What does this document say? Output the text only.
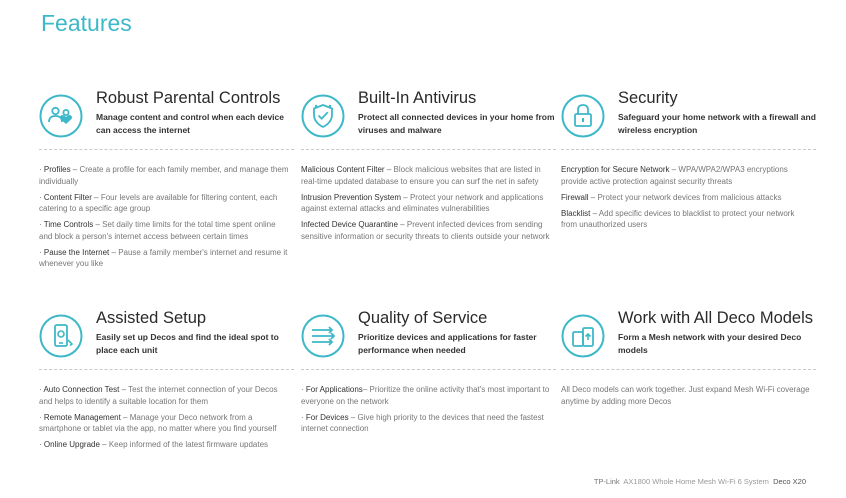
Features
Robust Parental Controls
Manage content and control when each device can access the internet
· Profiles – Create a profile for each family member, and manage them individually
· Content Filter – Four levels are available for filtering content, each catering to a specific age group
· Time Controls – Set daily time limits for the total time spent online and block a person's internet access between certain times
· Pause the Internet – Pause a family member's internet and resume it whenever you like
Built-In Antivirus
Protect all connected devices in your home from viruses and malware
Malicious Content Filter – Block malicious websites that are listed in real-time updated database to ensure you can surf the net in safety
Intrusion Prevention System – Protect your network and applications against external attacks and eliminates vulnerabilities
Infected Device Quarantine – Prevent infected devices from sending sensitive information or security threats to clients outside your network
Security
Safeguard your home network with a firewall and wireless encryption
Encryption for Secure Network – WPA/WPA2/WPA3 encryptions provide active protection against security threats
Firewall – Protect your network devices from malicious attacks
Blacklist – Add specific devices to blacklist to protect your network from unauthorized users
Assisted Setup
Easily set up Decos and find the ideal spot to place each unit
· Auto Connection Test – Test the internet connection of your Decos and helps to identify a suitable location for them
· Remote Management – Manage your Deco network from a smartphone or tablet via the app, no matter where you find yourself
· Online Upgrade – Keep informed of the latest firmware updates
Quality of Service
Prioritize devices and applications for faster performance when needed
· For Applications– Prioritize the online activity that's most important to everyone on the network
· For Devices – Give high priority to the devices that need the fastest internet connection
Work with All Deco Models
Form a Mesh network with your desired Deco models
All Deco models can work together. Just expand Mesh Wi-Fi coverage anytime by adding more Decos
TP-Link AX1800 Whole Home Mesh Wi-Fi 6 System Deco X20
